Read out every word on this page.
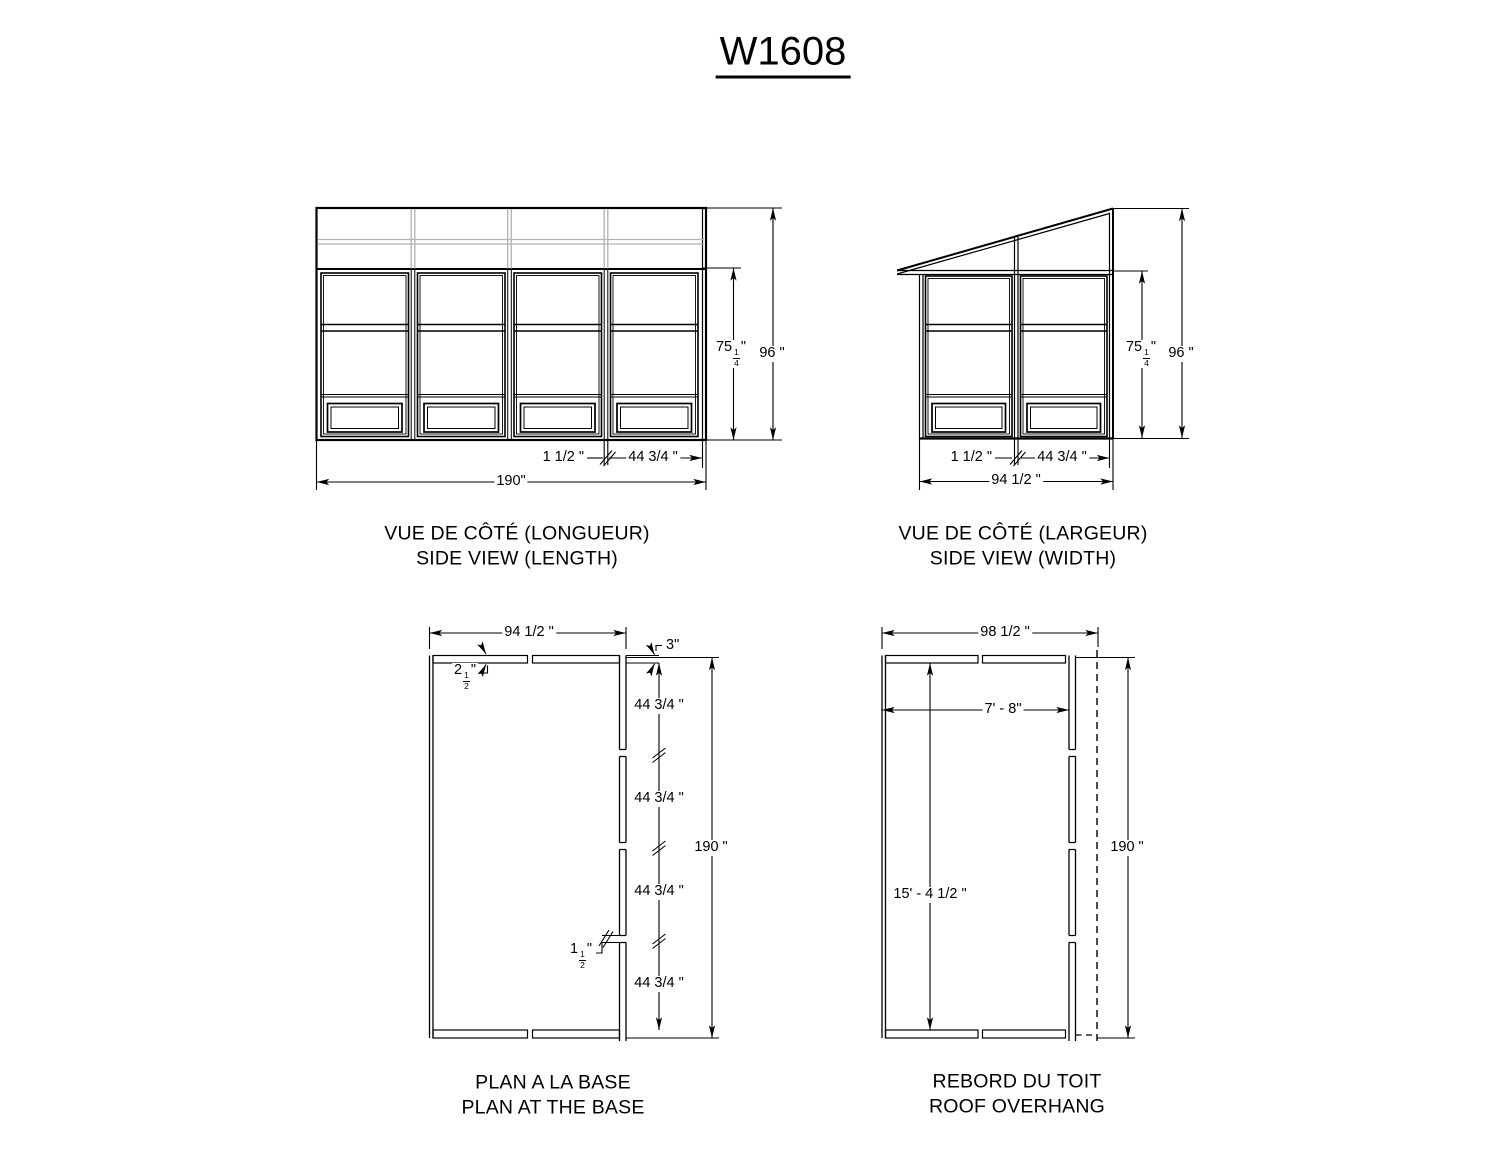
W1608
75
$\frac{1}{4}$
" 96 "
1 1/2 "	44 3/4 "
190"
VUE DE CÔTÉ (LONGUEUR)
SIDE VIEW (LENGTH)
75
$\frac{1}{4}$
" 96 "
1 1/2 "	44 3/4 "
94 1/2 "
VUE DE CÔTÉ (LARGEUR)
SIDE VIEW (WIDTH)
94 1/2 "
3"
2
$\frac{1}{2}$
"
44 3/4 "
44 3/4 "
44 3/4 "
44 3/4 "
1
$\frac{1}{2}$
"
190 "
PLAN A LA BASE
PLAN AT THE BASE
98 1/2 "
7' - 8"
15' - 4 1/2 "
190 "
REBORD DU TOIT
ROOF OVERHANG
